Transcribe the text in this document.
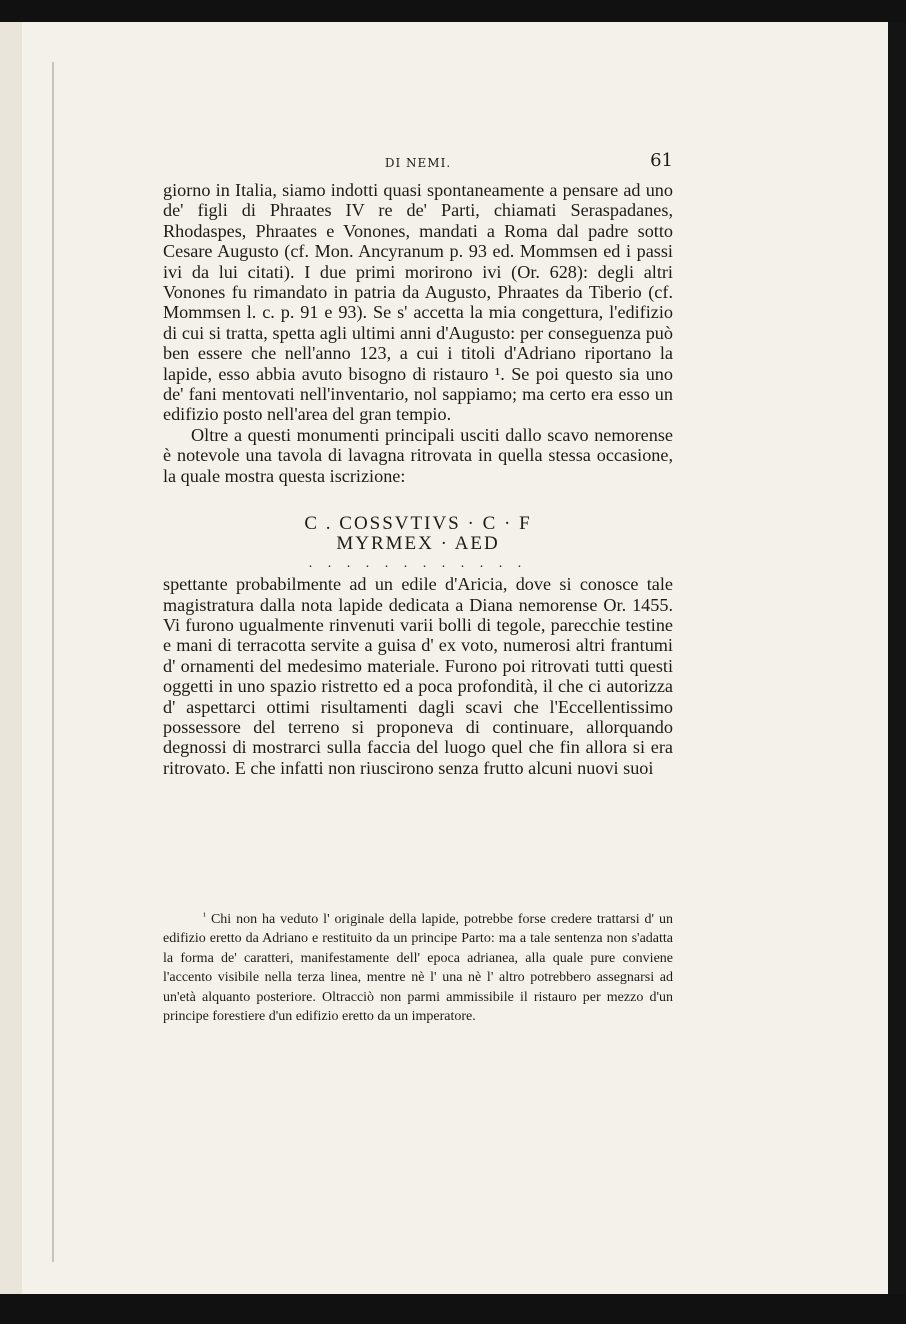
DI NEMI.	61

giorno in Italia, siamo indotti quasi spontaneamente a pensare ad uno de' figli di Phraates IV re de' Parti, chiamati Seraspadanes, Rhodaspes, Phraates e Vonones, mandati a Roma dal padre sotto Cesare Augusto (cf. Mon. Ancyranum p. 93 ed. Mommsen ed i passi ivi da lui citati). I due primi morirono ivi (Or. 628): degli altri Vonones fu rimandato in patria da Augusto, Phraates da Tiberio (cf. Mommsen l. c. p. 91 e 93). Se s' accetta la mia congettura, l'edifizio di cui si tratta, spetta agli ultimi anni d'Augusto: per conseguenza può ben essere che nell'anno 123, a cui i titoli d'Adriano riportano la lapide, esso abbia avuto bisogno di ristauro ¹. Se poi questo sia uno de' fani mentovati nell'inventario, nol sappiamo; ma certo era esso un edifizio posto nell'area del gran tempio.

Oltre a questi monumenti principali usciti dallo scavo nemorense è notevole una tavola di lavagna ritrovata in quella stessa occasione, la quale mostra questa iscrizione:

C . COSSVTIVS · C · F
MYRMEX · AED
. . . . . . . . . . . .

spettante probabilmente ad un edile d'Aricia, dove si conosce tale magistratura dalla nota lapide dedicata a Diana nemorense Or. 1455. Vi furono ugualmente rinvenuti varii bolli di tegole, parecchie testine e mani di terracotta servite a guisa d' ex voto, numerosi altri frantumi d' ornamenti del medesimo materiale. Furono poi ritrovati tutti questi oggetti in uno spazio ristretto ed a poca profondità, il che ci autorizza d' aspettarci ottimi risultamenti dagli scavi che l'Eccellentissimo possessore del terreno si proponeva di continuare, allorquando degnossi di mostrarci sulla faccia del luogo quel che fin allora si era ritrovato. E che infatti non riuscirono senza frutto alcuni nuovi suoi

$^{^1}$ Chi non ha veduto l' originale della lapide, potrebbe forse credere trattarsi d' un edifizio eretto da Adriano e restituito da un principe Parto: ma a tale sentenza non s'adatta la forma de' caratteri, manifestamente dell' epoca adrianea, alla quale pure conviene l'accento visibile nella terza linea, mentre nè l' una nè l' altro potrebbero assegnarsi ad un'età alquanto posteriore. Oltracciò non parmi ammissibile il ristauro per mezzo d'un principe forestiere d'un edifizio eretto da un imperatore.
